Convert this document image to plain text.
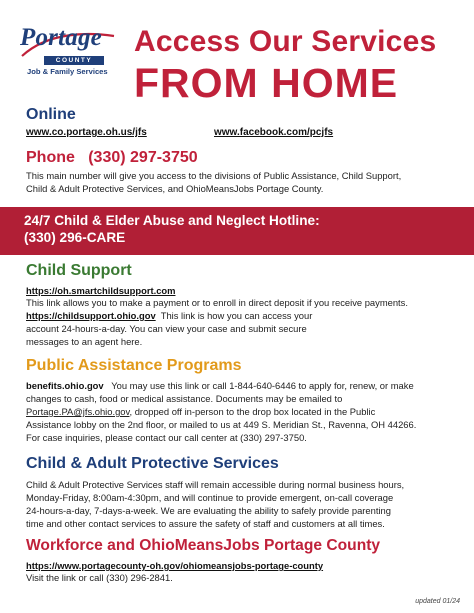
Portage
COUNTY
Job & Family Services
Access Our Services
FROM HOME
Online
www.co.portage.oh.us/jfs	www.facebook.com/pcjfs
Phone   (330) 297-3750
This main number will give you access to the divisions of Public Assistance, Child Support,
Child & Adult Protective Services, and OhioMeansJobs Portage County.
24/7 Child & Elder Abuse and Neglect Hotline:
(330) 296-CARE
Child Support
https://oh.smartchildsupport.com
This link allows you to make a payment or to enroll in direct deposit if you receive payments.
https://childsupport.ohio.gov  This link is how you can access your
account 24-hours-a-day. You can view your case and submit secure
messages to an agent here.
Public Assistance Programs
benefits.ohio.gov   You may use this link or call 1-844-640-6446 to apply for, renew, or make
changes to cash, food or medical assistance. Documents may be emailed to
Portage.PA@jfs.ohio.gov, dropped off in-person to the drop box located in the Public
Assistance lobby on the 2nd floor, or mailed to us at 449 S. Meridian St., Ravenna, OH 44266.
For case inquiries, please contact our call center at (330) 297-3750.
Child & Adult Protective Services
Child & Adult Protective Services staff will remain accessible during normal business hours,
Monday-Friday, 8:00am-4:30pm, and will continue to provide emergent, on-call coverage
24-hours-a-day, 7-days-a-week. We are evaluating the ability to safely provide parenting
time and other contact services to assure the safety of staff and customers at all times.
Workforce and OhioMeansJobs Portage County
https://www.portagecounty-oh.gov/ohiomeansjobs-portage-county
Visit the link or call (330) 296-2841.
updated 01/24
